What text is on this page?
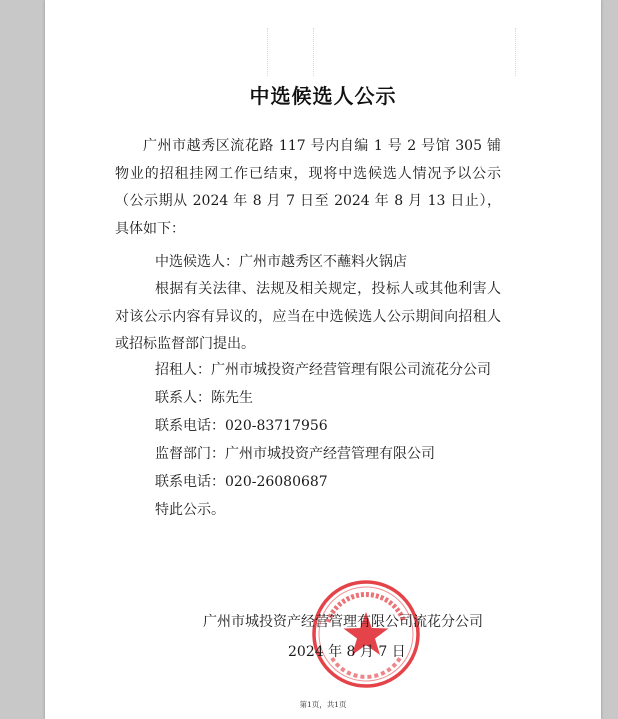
中选候选人公示
广州市越秀区流花路 117 号内自编 1 号 2 号馆 305 铺物业的招租挂网工作已结束，现将中选候选人情况予以公示（公示期从 2024 年 8 月 7 日至 2024 年 8 月 13 日止），具体如下：
中选候选人：广州市越秀区不蘸料火锅店
根据有关法律、法规及相关规定，投标人或其他利害人对该公示内容有异议的，应当在中选候选人公示期间向招租人或招标监督部门提出。
招租人：广州市城投资产经营管理有限公司流花分公司
联系人：陈先生
联系电话：020-83717956
监督部门：广州市城投资产经营管理有限公司
联系电话：020-26080687
特此公示。
广州市城投资产经营管理有限公司流花分公司
2024 年 8 月 7 日
第1页，共1页
